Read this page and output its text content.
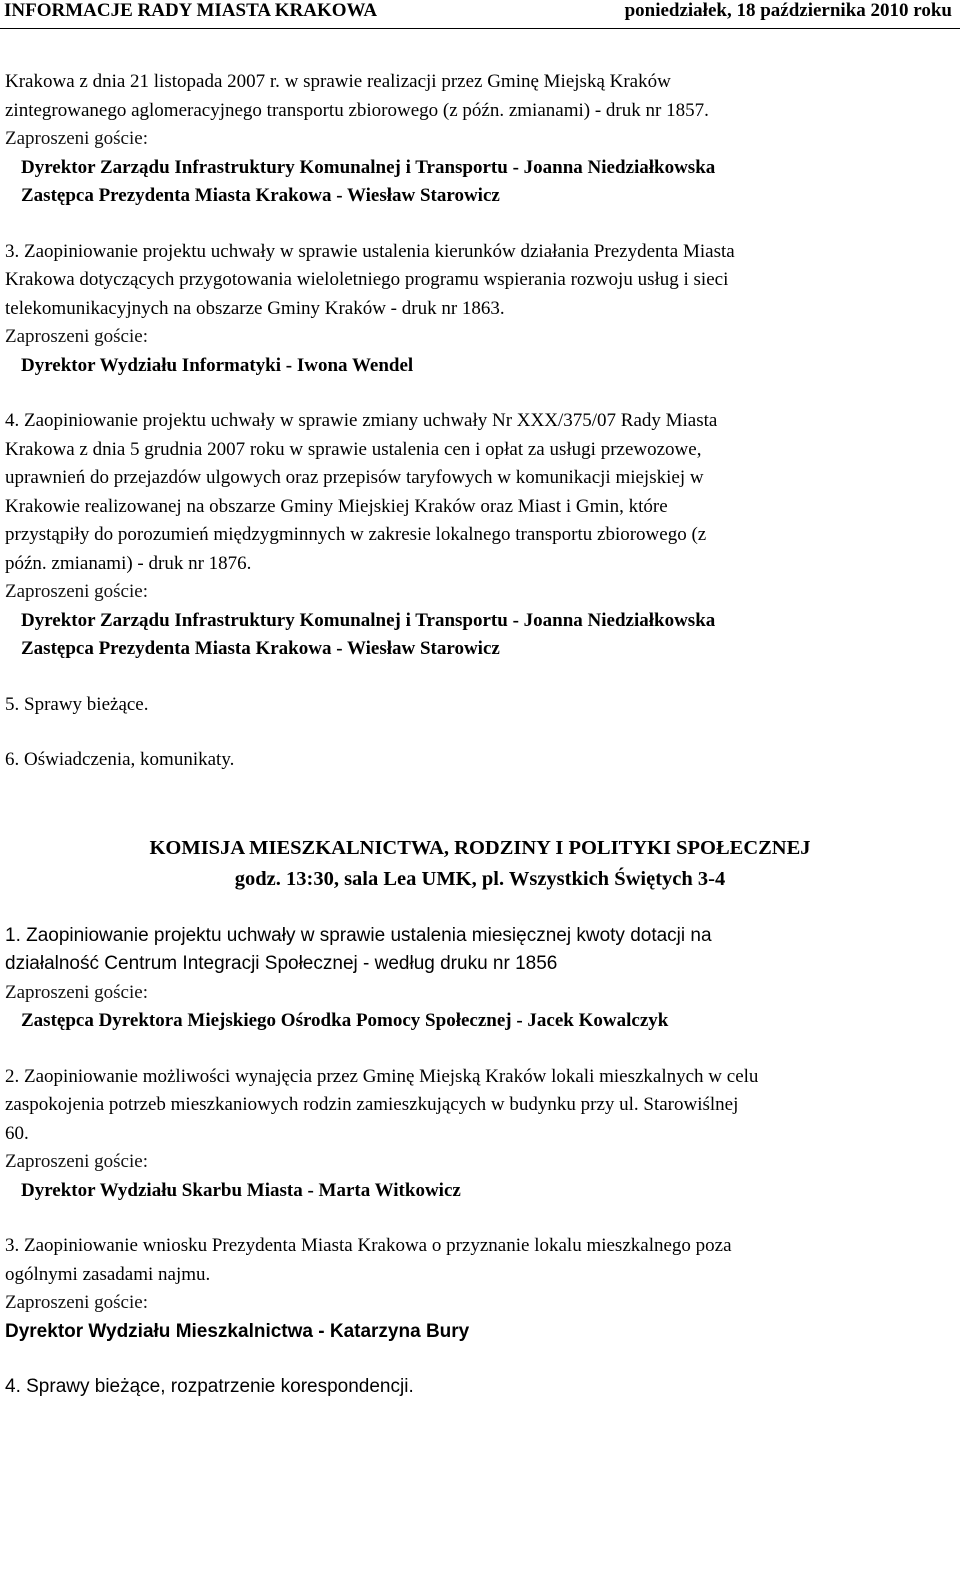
INFORMACJE RADY MIASTA KRAKOWA	poniedziałek, 18 października 2010 roku

Krakowa z dnia 21 listopada 2007 r. w sprawie realizacji przez Gminę Miejską Kraków

zintegrowanego aglomeracyjnego transportu zbiorowego (z późn. zmianami) - druk nr 1857.

Zaproszeni goście:

Dyrektor Zarządu Infrastruktury Komunalnej i Transportu - Joanna Niedziałkowska

Zastępca Prezydenta Miasta Krakowa - Wiesław Starowicz

3. Zaopiniowanie projektu uchwały w sprawie ustalenia kierunków działania Prezydenta Miasta

Krakowa dotyczących przygotowania wieloletniego programu wspierania rozwoju usług i sieci

telekomunikacyjnych na obszarze Gminy Kraków - druk nr 1863.

Zaproszeni goście:

Dyrektor Wydziału Informatyki - Iwona Wendel

4. Zaopiniowanie projektu uchwały w sprawie zmiany uchwały Nr XXX/375/07 Rady Miasta

Krakowa z dnia 5 grudnia 2007 roku w sprawie ustalenia cen i opłat za usługi przewozowe,

uprawnień do przejazdów ulgowych oraz przepisów taryfowych w komunikacji miejskiej w

Krakowie realizowanej na obszarze Gminy Miejskiej Kraków oraz Miast i Gmin, które

przystąpiły do porozumień międzygminnych w zakresie lokalnego transportu zbiorowego (z

późn. zmianami) - druk nr 1876.

Zaproszeni goście:

Dyrektor Zarządu Infrastruktury Komunalnej i Transportu - Joanna Niedziałkowska

Zastępca Prezydenta Miasta Krakowa - Wiesław Starowicz

5. Sprawy bieżące.

6. Oświadczenia, komunikaty.

KOMISJA MIESZKALNICTWA, RODZINY I POLITYKI SPOŁECZNEJ

godz. 13:30, sala Lea UMK, pl. Wszystkich Świętych 3-4

1. Zaopiniowanie projektu uchwały w sprawie ustalenia miesięcznej kwoty dotacji na

działalność Centrum Integracji Społecznej - według druku nr 1856

Zaproszeni goście:

Zastępca Dyrektora Miejskiego Ośrodka Pomocy Społecznej - Jacek Kowalczyk

2. Zaopiniowanie możliwości wynajęcia przez Gminę Miejską Kraków lokali mieszkalnych w celu

zaspokojenia potrzeb mieszkaniowych rodzin zamieszkujących w budynku przy ul. Starowiślnej

60.

Zaproszeni goście:

Dyrektor Wydziału Skarbu Miasta - Marta Witkowicz

3. Zaopiniowanie wniosku Prezydenta Miasta Krakowa o przyznanie lokalu mieszkalnego poza

ogólnymi zasadami najmu.

Zaproszeni goście:

Dyrektor Wydziału Mieszkalnictwa - Katarzyna Bury

4. Sprawy bieżące, rozpatrzenie korespondencji.
